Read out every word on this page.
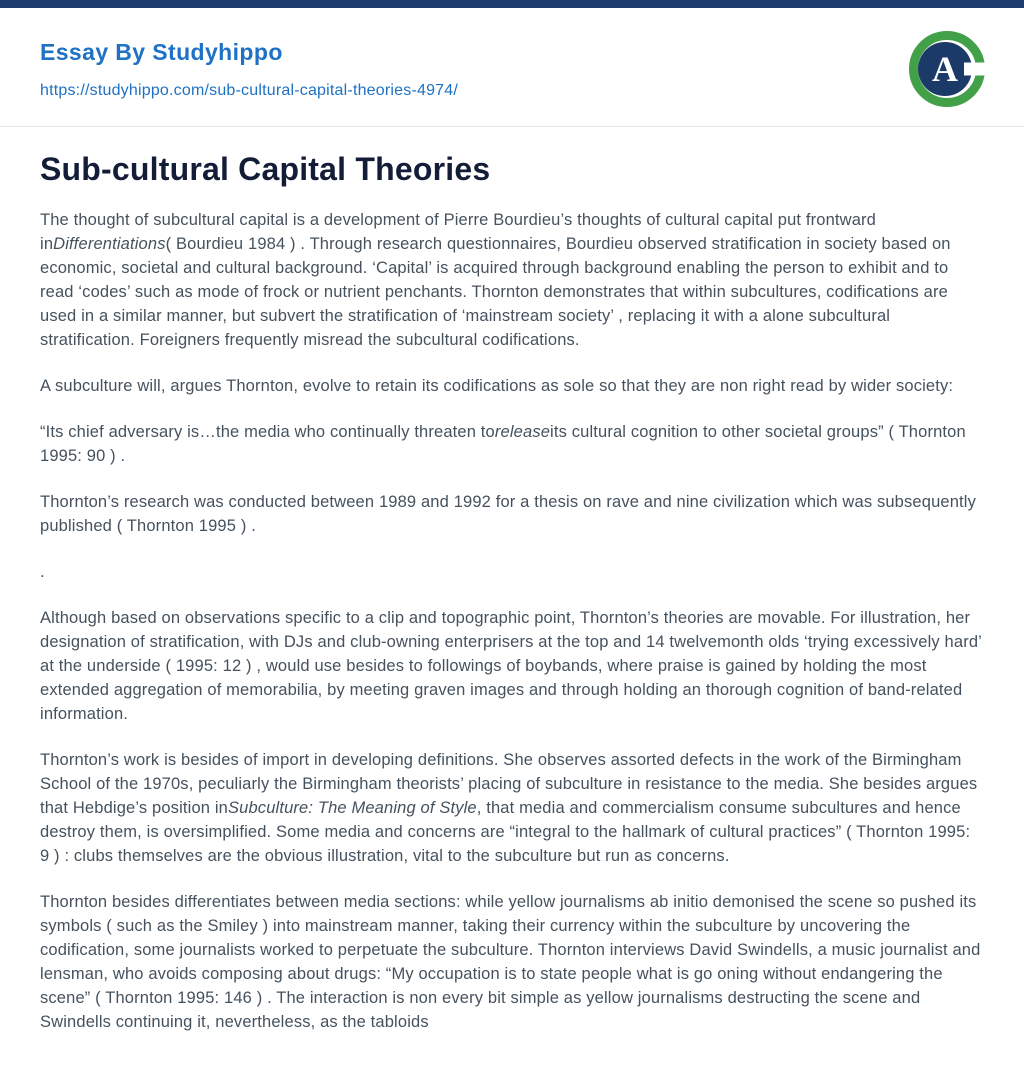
Essay By Studyhippo
https://studyhippo.com/sub-cultural-capital-theories-4974/
A
Sub-cultural Capital Theories

The thought of subcultural capital is a development of Pierre Bourdieu’s thoughts of cultural capital put frontward inDifferentiations( Bourdieu 1984 ) . Through research questionnaires, Bourdieu observed stratification in society based on economic, societal and cultural background. ‘Capital’ is acquired through background enabling the person to exhibit and to read ‘codes’ such as mode of frock or nutrient penchants. Thornton demonstrates that within subcultures, codifications are used in a similar manner, but subvert the stratification of ‘mainstream society’ , replacing it with a alone subcultural stratification. Foreigners frequently misread the subcultural codifications.

A subculture will, argues Thornton, evolve to retain its codifications as sole so that they are non right read by wider society:

“Its chief adversary is…the media who continually threaten toreleaseits cultural cognition to other societal groups” ( Thornton 1995: 90 ) .

Thornton’s research was conducted between 1989 and 1992 for a thesis on rave and nine civilization which was subsequently published ( Thornton 1995 ) .

.

Although based on observations specific to a clip and topographic point, Thornton’s theories are movable. For illustration, her designation of stratification, with DJs and club-owning enterprisers at the top and 14 twelvemonth olds ‘trying excessively hard’ at the underside ( 1995: 12 ) , would use besides to followings of boybands, where praise is gained by holding the most extended aggregation of memorabilia, by meeting graven images and through holding an thorough cognition of band-related information.

Thornton’s work is besides of import in developing definitions. She observes assorted defects in the work of the Birmingham School of the 1970s, peculiarly the Birmingham theorists’ placing of subculture in resistance to the media. She besides argues that Hebdige’s position inSubculture: The Meaning of Style, that media and commercialism consume subcultures and hence destroy them, is oversimplified. Some media and concerns are “integral to the hallmark of cultural practices” ( Thornton 1995: 9 ) : clubs themselves are the obvious illustration, vital to the subculture but run as concerns.

Thornton besides differentiates between media sections: while yellow journalisms ab initio demonised the scene so pushed its symbols ( such as the Smiley ) into mainstream manner, taking their currency within the subculture by uncovering the codification, some journalists worked to perpetuate the subculture. Thornton interviews David Swindells, a music journalist and lensman, who avoids composing about drugs: “My occupation is to state people what is go oning without endangering the scene” ( Thornton 1995: 146 ) . The interaction is non every bit simple as yellow journalisms destructing the scene and Swindells continuing it, nevertheless, as the tabloids
